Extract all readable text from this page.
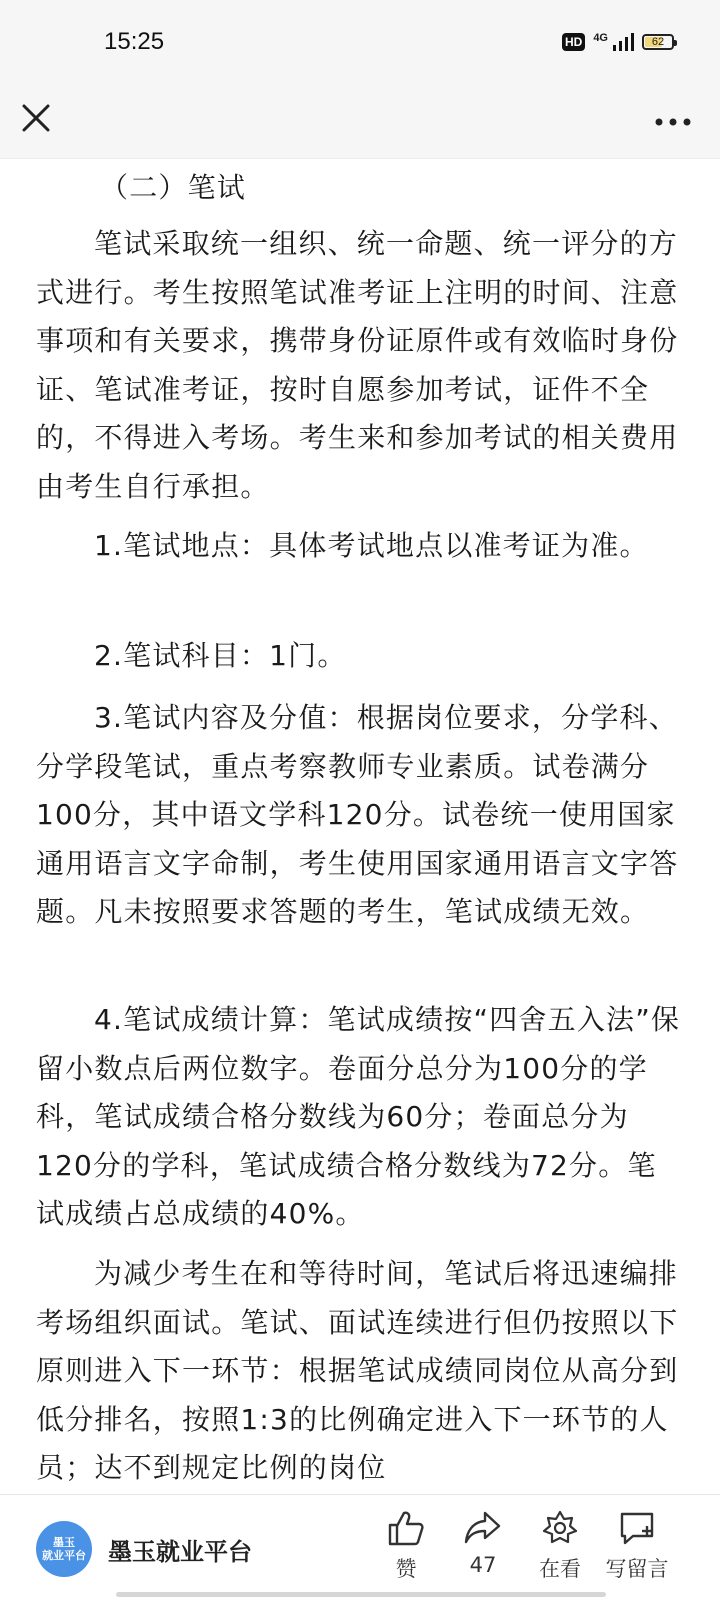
15:25	HD 4G	62

（二）笔试

笔试采取统一组织、统一命题、统一评分的方式进行。考生按照笔试准考证上注明的时间、注意事项和有关要求，携带身份证原件或有效临时身份证、笔试准考证，按时自愿参加考试，证件不全的，不得进入考场。考生来和参加考试的相关费用由考生自行承担。

1.笔试地点：具体考试地点以准考证为准。

2.笔试科目：1门。

3.笔试内容及分值：根据岗位要求，分学科、分学段笔试，重点考察教师专业素质。试卷满分100分，其中语文学科120分。试卷统一使用国家通用语言文字命制，考生使用国家通用语言文字答题。凡未按照要求答题的考生，笔试成绩无效。

4.笔试成绩计算：笔试成绩按“四舍五入法”保留小数点后两位数字。卷面分总分为100分的学科，笔试成绩合格分数线为60分；卷面总分为120分的学科，笔试成绩合格分数线为72分。笔试成绩占总成绩的40%。

为减少考生在和等待时间，笔试后将迅速编排考场组织面试。笔试、面试连续进行但仍按照以下原则进入下一环节：根据笔试成绩同岗位从高分到低分排名，按照1:3的比例确定进入下一环节的人员；达不到规定比例的岗位

墨玉
就业平台 墨玉就业平台
赞	47	在看	写留言
